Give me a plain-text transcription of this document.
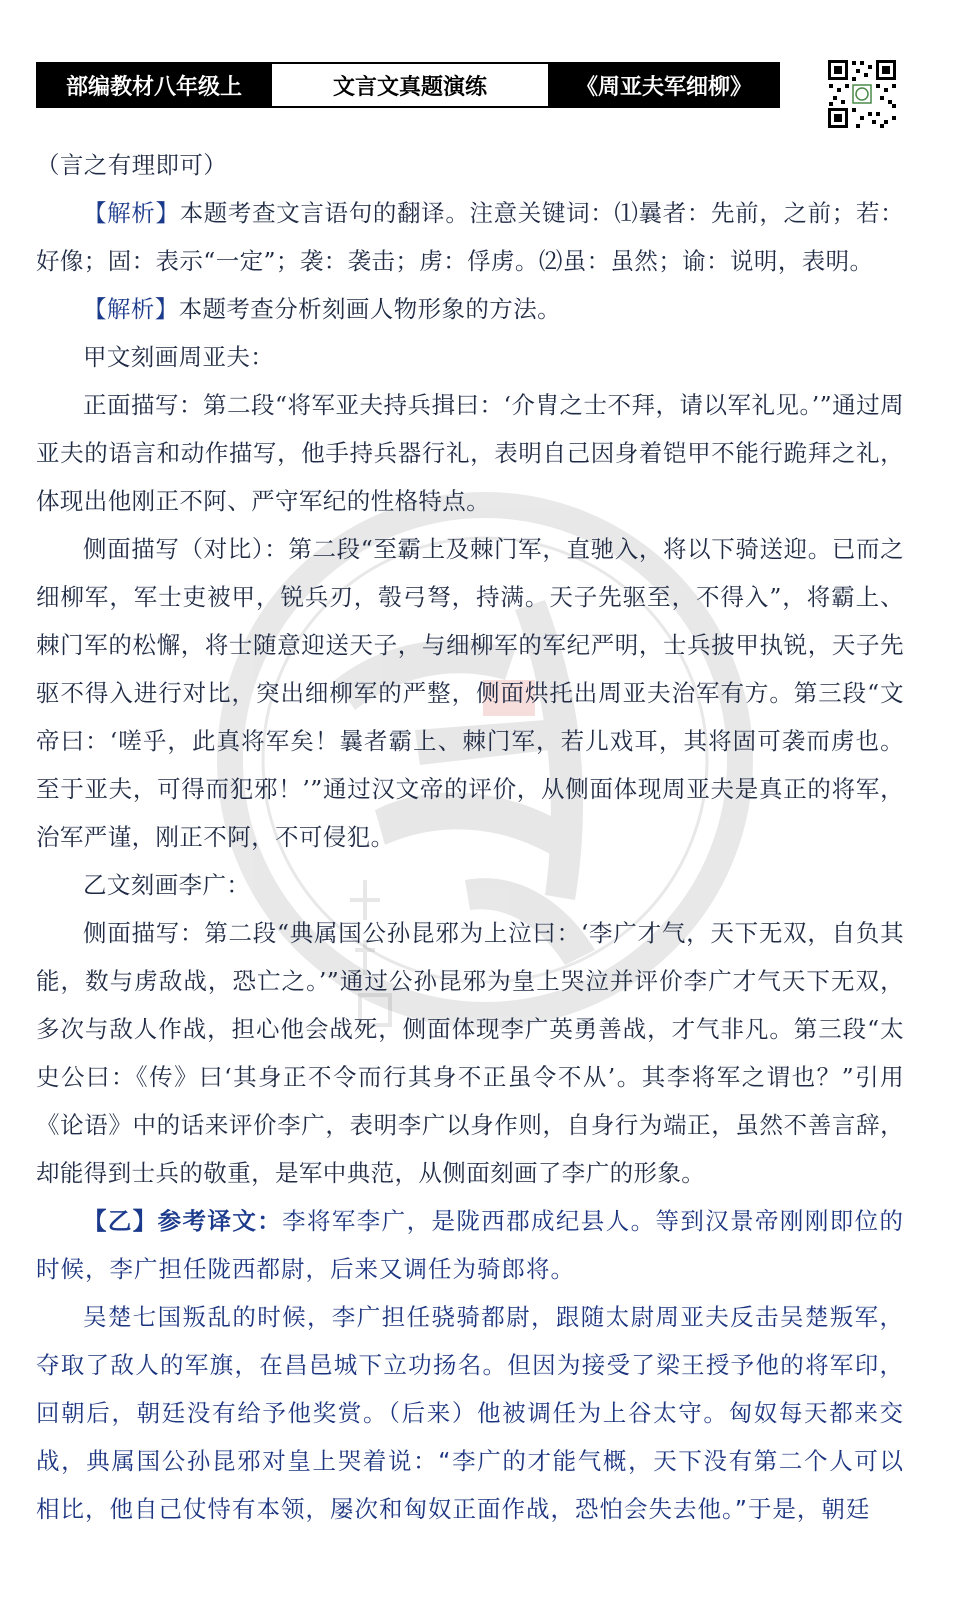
部编教材八年级上	文言文真题演练	《周亚夫军细柳》

（言之有理即可）

【解析】本题考查文言语句的翻译。注意关键词：⑴曩者：先前，之前；若：好像；固：表示“一定”；袭：袭击；虏：俘虏。⑵虽：虽然；谕：说明，表明。

【解析】本题考查分析刻画人物形象的方法。

甲文刻画周亚夫：

正面描写：第二段“将军亚夫持兵揖曰：‘介胄之士不拜，请以军礼见。’”通过周亚夫的语言和动作描写，他手持兵器行礼，表明自己因身着铠甲不能行跪拜之礼，体现出他刚正不阿、严守军纪的性格特点。

侧面描写（对比）：第二段“至霸上及棘门军，直驰入，将以下骑送迎。已而之细柳军，军士吏被甲，锐兵刃，彀弓弩，持满。天子先驱至，不得入”，将霸上、棘门军的松懈，将士随意迎送天子，与细柳军的军纪严明，士兵披甲执锐，天子先驱不得入进行对比，突出细柳军的严整，侧面烘托出周亚夫治军有方。第三段“文帝曰：‘嗟乎，此真将军矣！曩者霸上、棘门军，若儿戏耳，其将固可袭而虏也。至于亚夫，可得而犯邪！’”通过汉文帝的评价，从侧面体现周亚夫是真正的将军，治军严谨，刚正不阿，不可侵犯。

乙文刻画李广：

侧面描写：第二段“典属国公孙昆邪为上泣曰：‘李广才气，天下无双，自负其能，数与虏敌战，恐亡之。’”通过公孙昆邪为皇上哭泣并评价李广才气天下无双，多次与敌人作战，担心他会战死，侧面体现李广英勇善战，才气非凡。第三段“太史公曰：《传》曰‘其身正不令而行其身不正虽令不从’。其李将军之谓也？”引用《论语》中的话来评价李广，表明李广以身作则，自身行为端正，虽然不善言辞，却能得到士兵的敬重，是军中典范，从侧面刻画了李广的形象。

【乙】参考译文：李将军李广，是陇西郡成纪县人。等到汉景帝刚刚即位的时候，李广担任陇西都尉，后来又调任为骑郎将。

吴楚七国叛乱的时候，李广担任骁骑都尉，跟随太尉周亚夫反击吴楚叛军，夺取了敌人的军旗，在昌邑城下立功扬名。但因为接受了梁王授予他的将军印，回朝后，朝廷没有给予他奖赏。（后来）他被调任为上谷太守。匈奴每天都来交战，典属国公孙昆邪对皇上哭着说：“李广的才能气概，天下没有第二个人可以相比，他自己仗恃有本领，屡次和匈奴正面作战，恐怕会失去他。”于是，朝廷
